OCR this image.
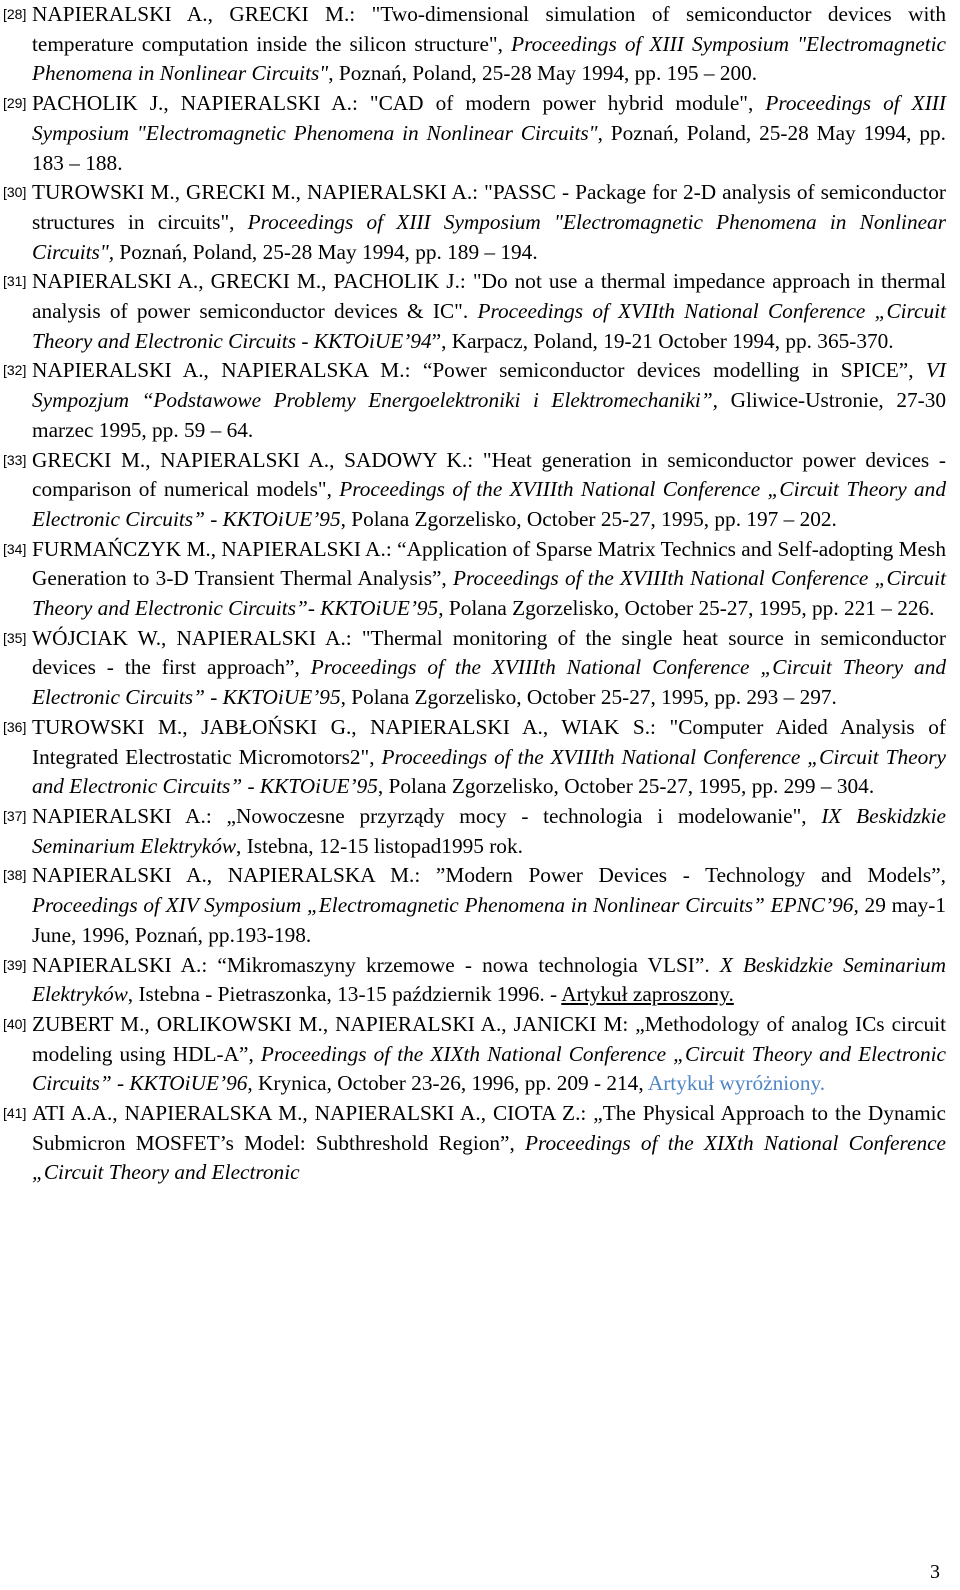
[28] NAPIERALSKI A., GRECKI M.: "Two-dimensional simulation of semiconductor devices with temperature computation inside the silicon structure", Proceedings of XIII Symposium "Electromagnetic Phenomena in Nonlinear Circuits", Poznań, Poland, 25-28 May 1994, pp. 195 – 200.

[29] PACHOLIK J., NAPIERALSKI A.: "CAD of modern power hybrid module", Proceedings of XIII Symposium "Electromagnetic Phenomena in Nonlinear Circuits", Poznań, Poland, 25-28 May 1994, pp. 183 – 188.

[30] TUROWSKI M., GRECKI M., NAPIERALSKI A.: "PASSC - Package for 2-D analysis of semiconductor structures in circuits", Proceedings of XIII Symposium "Electromagnetic Phenomena in Nonlinear Circuits", Poznań, Poland, 25-28 May 1994, pp. 189 – 194.

[31] NAPIERALSKI A., GRECKI M., PACHOLIK J.: "Do not use a thermal impedance approach in thermal analysis of power semiconductor devices & IC". Proceedings of XVIIth National Conference „Circuit Theory and Electronic Circuits - KKTOiUE’94”, Karpacz, Poland, 19-21 October 1994, pp. 365-370.

[32] NAPIERALSKI A., NAPIERALSKA M.: “Power semiconductor devices modelling in SPICE”, VI Sympozjum “Podstawowe Problemy Energoelektroniki i Elektromechaniki”, Gliwice-Ustronie, 27-30 marzec 1995, pp. 59 – 64.

[33] GRECKI M., NAPIERALSKI A., SADOWY K.: "Heat generation in semiconductor power devices - comparison of numerical models", Proceedings of the XVIIIth National Conference „Circuit Theory and Electronic Circuits” - KKTOiUE’95, Polana Zgorzelisko, October 25-27, 1995, pp. 197 – 202.

[34] FURMAŃCZYK M., NAPIERALSKI A.: “Application of Sparse Matrix Technics and Self-adopting Mesh Generation to 3-D Transient Thermal Analysis”, Proceedings of the XVIIIth National Conference „Circuit Theory and Electronic Circuits”- KKTOiUE’95, Polana Zgorzelisko, October 25-27, 1995, pp. 221 – 226.

[35] WÓJCIAK W., NAPIERALSKI A.: "Thermal monitoring of the single heat source in semiconductor devices - the first approach”, Proceedings of the XVIIIth National Conference „Circuit Theory and Electronic Circuits” - KKTOiUE’95, Polana Zgorzelisko, October 25-27, 1995, pp. 293 – 297.

[36] TUROWSKI M., JABŁOŃSKI G., NAPIERALSKI A., WIAK S.: "Computer Aided Analysis of Integrated Electrostatic Micromotors2", Proceedings of the XVIIIth National Conference „Circuit Theory and Electronic Circuits” - KKTOiUE’95, Polana Zgorzelisko, October 25-27, 1995, pp. 299 – 304.

[37] NAPIERALSKI A.: „Nowoczesne przyrządy mocy - technologia i modelowanie", IX Beskidzkie Seminarium Elektryków, Istebna, 12-15 listopad1995 rok.

[38] NAPIERALSKI A., NAPIERALSKA M.: ”Modern Power Devices - Technology and Models”, Proceedings of XIV Symposium „Electromagnetic Phenomena in Nonlinear Circuits” EPNC’96, 29 may-1 June, 1996, Poznań, pp.193-198.

[39] NAPIERALSKI A.: “Mikromaszyny krzemowe - nowa technologia VLSI”. X Beskidzkie Seminarium Elektryków, Istebna - Pietraszonka, 13-15 październik 1996. - Artykuł zaproszony.

[40] ZUBERT M., ORLIKOWSKI M., NAPIERALSKI A., JANICKI M: „Methodology of analog ICs circuit modeling using HDL-A”, Proceedings of the XIXth National Conference „Circuit Theory and Electronic Circuits” - KKTOiUE’96, Krynica, October 23-26, 1996, pp. 209 - 214, Artykuł wyróżniony.

[41] ATI A.A., NAPIERALSKA M., NAPIERALSKI A., CIOTA Z.: „The Physical Approach to the Dynamic Submicron MOSFET’s Model: Subthreshold Region”, Proceedings of the XIXth National Conference „Circuit Theory and Electronic

3
